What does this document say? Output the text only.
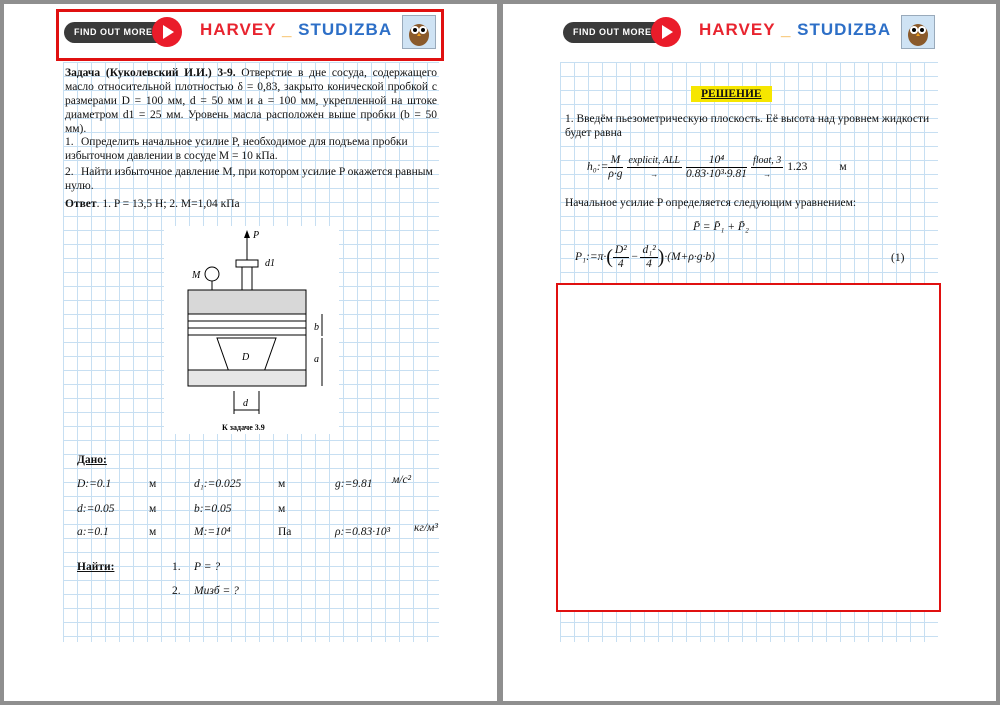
FIND OUT MORE	HARVEY _ STUDIZBA
Задача (Куколевский И.И.) 3-9. Отверстие в дне сосуда, содержащего масло относительной плотностью δ = 0,83, закрыто конической пробкой с размерами D = 100 мм, d = 50 мм и a = 100 мм, укрепленной на штоке диаметром d1 = 25 мм. Уровень масла расположен выше пробки (b = 50 мм).
1. Определить начальное усилие P, необходимое для подъема пробки избыточном давлении в сосуде M = 10 кПа.
2. Найти избыточное давление M, при котором усилие P окажется равным нулю.
Ответ. 1. P = 13,5 Н; 2. M=1,04 кПа
P
d1
M
b
a
D
d
К задаче 3.9
Дано:
D:=0.1	м	d₁:=0.025	м	g:=9.81 м/с²
d:=0.05	м	b:=0.05	м
a:=0.1	м	M:=10⁴	Па	ρ:=0.83·10³ кг/м³
Найти:	1. P = ?
2. Mизб = ?
FIND OUT MORE	HARVEY _ STUDIZBA
РЕШЕНИЕ
1. Введём пьезометрическую плоскость. Её высота над уровнем жидкости будет равна
h₀:= $\frac{M}{\rho\cdot g} \frac{\text{explicit, ALL}}{\to} \frac{\text{10⁴}}{\text{0.83·10³·9.81}} \frac{\text{float, 3}}{\to} 1.23$	м
Начальное усилие P определяется следующим уравнением:
P̄ = P̄₁ + P̄₂
P₁:=π· ( $\frac{\text{D²}}{4} - \frac{\text{d₁²}}{4}$ ) ·(M+ρ·g·b)	(1)
